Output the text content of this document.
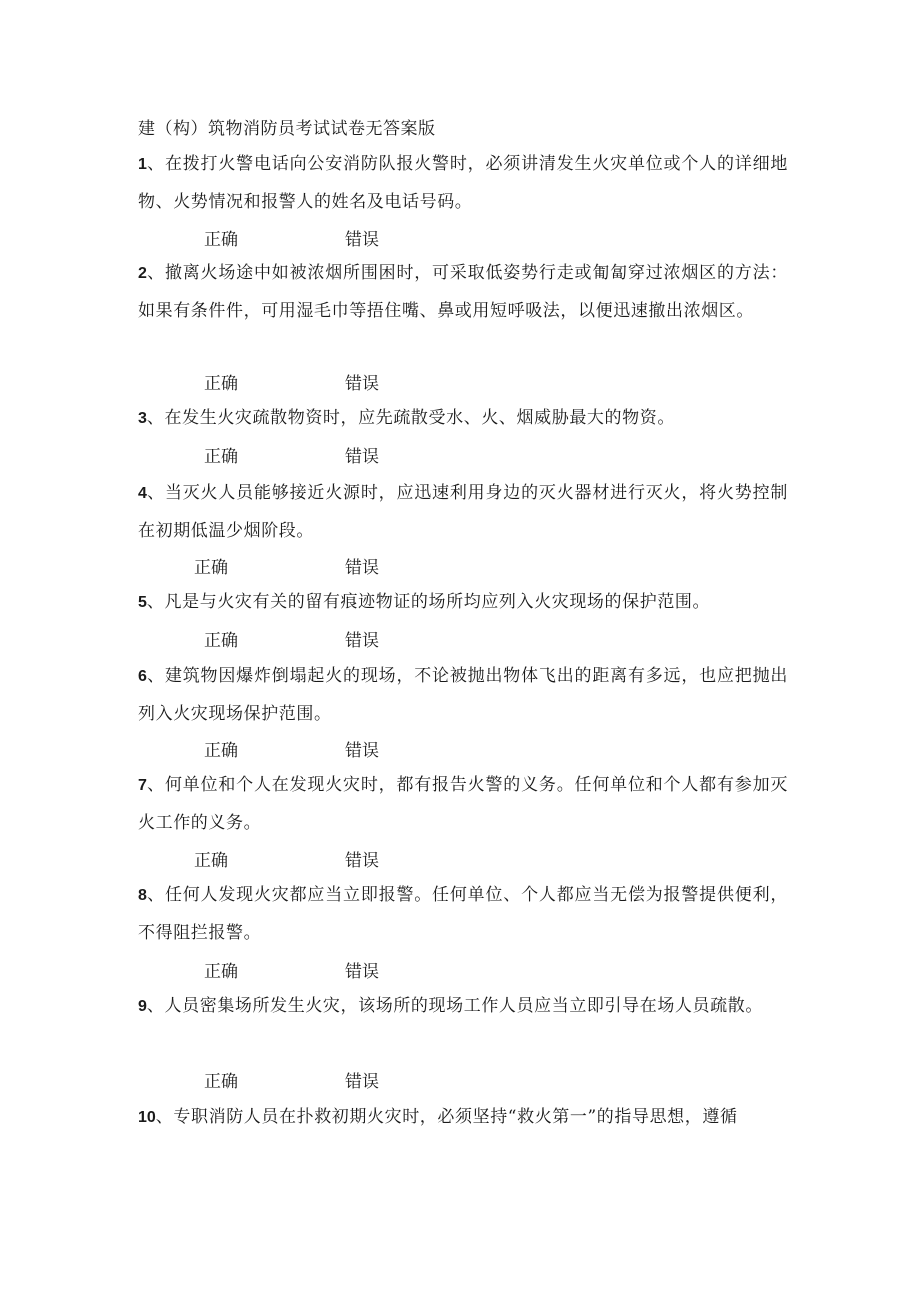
建（构）筑物消防员考试试卷无答案版
1、在拨打火警电话向公安消防队报火警时，必须讲清发生火灾单位或个人的详细地物、火势情况和报警人的姓名及电话号码。
正确	错误
2、撤离火场途中如被浓烟所围困时，可采取低姿势行走或匍匐穿过浓烟区的方法：如果有条件件，可用湿毛巾等捂住嘴、鼻或用短呼吸法，以便迅速撤出浓烟区。
正确	错误
3、在发生火灾疏散物资时，应先疏散受水、火、烟威胁最大的物资。
正确	错误
4、当灭火人员能够接近火源时，应迅速利用身边的灭火器材进行灭火，将火势控制在初期低温少烟阶段。
正确	错误
5、凡是与火灾有关的留有痕迹物证的场所均应列入火灾现场的保护范围。
正确	错误
6、建筑物因爆炸倒塌起火的现场，不论被抛出物体飞出的距离有多远，也应把抛出列入火灾现场保护范围。
正确	错误
7、何单位和个人在发现火灾时，都有报告火警的义务。任何单位和个人都有参加灭火工作的义务。
正确	错误
8、任何人发现火灾都应当立即报警。任何单位、个人都应当无偿为报警提供便利，不得阻拦报警。
正确	错误
9、人员密集场所发生火灾，该场所的现场工作人员应当立即引导在场人员疏散。
正确	错误
10、专职消防人员在扑救初期火灾时，必须坚持“救火第一”的指导思想，遵循
